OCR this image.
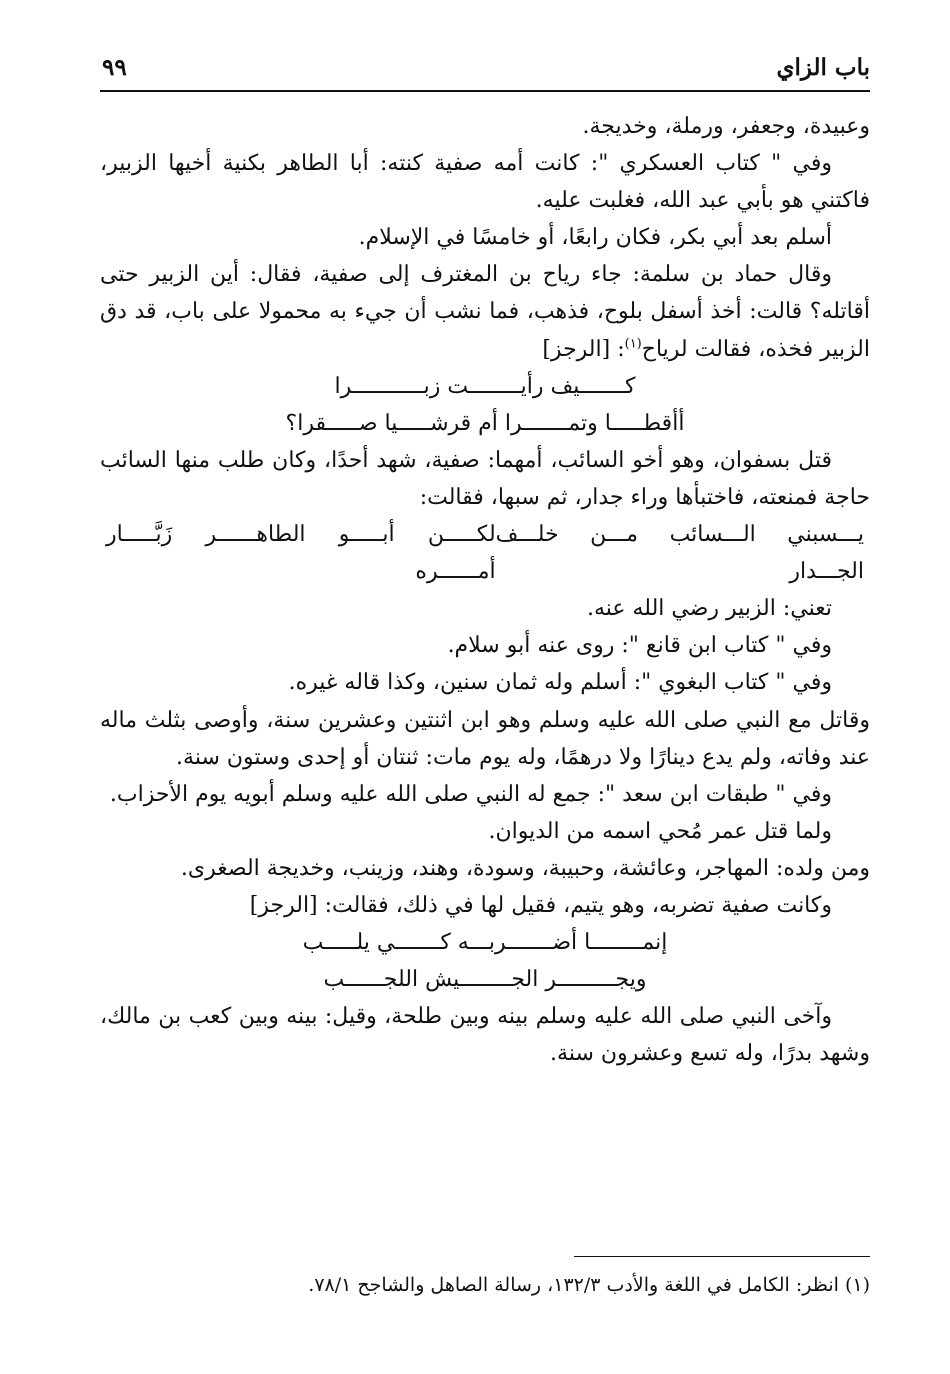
باب الزاي
٩٩

وعبيدة، وجعفر، ورملة، وخديجة.

وفي " كتاب العسكري ": كانت أمه صفية كنته: أبا الطاهر بكنية أخيها الزبير، فاكتني هو بأبي عبد الله، فغلبت عليه.

أسلم بعد أبي بكر، فكان رابعًا، أو خامسًا في الإسلام.

وقال حماد بن سلمة: جاء رياح بن المغترف إلى صفية، فقال: أين الزبير حتى أقاتله؟ قالت: أخذ أسفل بلوح، فذهب، فما نشب أن جيء به محمولا على باب، قد دق الزبير فخذه، فقالت لرياح$^{(١)}$: [الرجز]

كـــــــيف رأيــــــــت زبـــــــــــرا

أأقطـــــا وتمـــــــرا أم قرشـــــيا صـــــقرا؟

قتل بسفوان، وهو أخو السائب، أمهما: صفية، شهد أحدًا، وكان طلب منها السائب حاجة فمنعته، فاختبأها وراء جدار، ثم سبها، فقالت:

يـــسبني الـــسائب مـــن خلـــف الجـــدار
لكـــــن أبـــــو الطاهــــــر زَبَّـــــار أمــــــره

تعني: الزبير رضي الله عنه.

وفي " كتاب ابن قانع ": روى عنه أبو سلام.

وفي " كتاب البغوي ": أسلم وله ثمان سنين، وكذا قاله غيره.

وقاتل مع النبي صلى الله عليه وسلم وهو ابن اثنتين وعشرين سنة، وأوصى بثلث ماله عند وفاته، ولم يدع دينارًا ولا درهمًا، وله يوم مات: ثنتان أو إحدى وستون سنة.

وفي " طبقات ابن سعد ": جمع له النبي صلى الله عليه وسلم أبويه يوم الأحزاب.

ولما قتل عمر مُحي اسمه من الديوان.

ومن ولده: المهاجر، وعائشة، وحبيبة، وسودة، وهند، وزينب، وخديجة الصغرى.

وكانت صفية تضربه، وهو يتيم، فقيل لها في ذلك، فقالت: [الرجز]

إنمــــــــا أضـــــــربـــه كـــــــي يلـــــب

ويجـــــــــر الجــــــــيش اللجــــــب

وآخى النبي صلى الله عليه وسلم بينه وبين طلحة، وقيل: بينه وبين كعب بن مالك، وشهد بدرًا، وله تسع وعشرون سنة.

(١) انظر: الكامل في اللغة والأدب ١٣٢/٣، رسالة الصاهل والشاجح ٧٨/١.
